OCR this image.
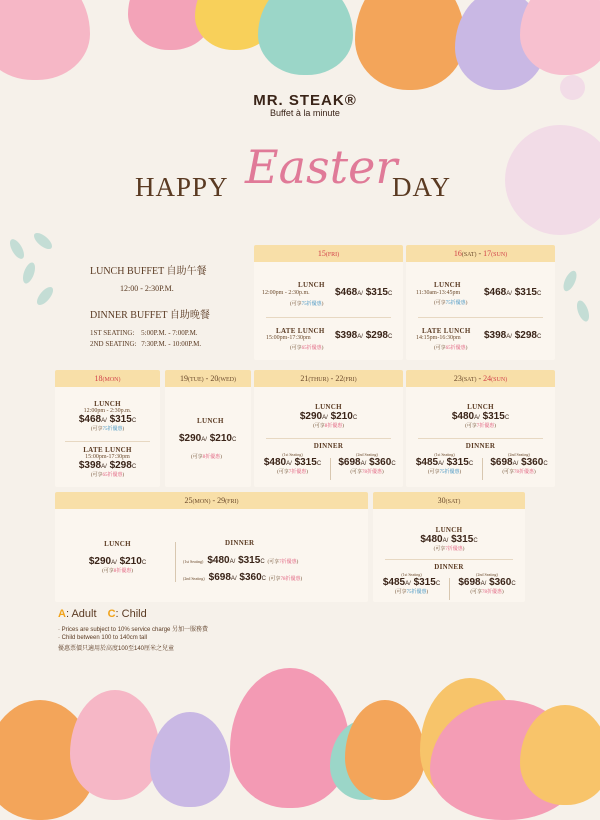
MR. STEAK®
Buffet à la minute
HAPPY Easter
DAY
LUNCH BUFFET 自助午餐
12:00 - 2:30P.M.
DINNER BUFFET 自助晚餐
1ST SEATING: 5:00P.M. - 7:00P.M.
2ND SEATING: 7:30P.M. - 10:00P.M.
15(FRI)
LUNCH
12:00pm - 2:30p.m.	$468A/ $315C
(可享75折優惠)
LATE LUNCH
15:00pm-17:30pm $398A/ $298C
(可享65折優惠)
16(SAT) - 17(SUN)
LUNCH
11:30am-13:45pm $468A/ $315C
(可享75折優惠)
LATE LUNCH
14:15pm-16:30pm $398A/ $298C
(可享65折優惠)
18(MON)
LUNCH
12:00pm - 2:30p.m.
$468A/ $315C
(可享75折優惠)
LATE LUNCH
15:00pm-17:30pm
$398A/ $298C
(可享65折優惠)
19(TUE) - 20(WED)
LUNCH
$290A/ $210C
(可享8折優惠)
21(THUR) - 22(FRI)
LUNCH
$290A/ $210C
(可享8折優惠)
DINNER
(1st Seating)
$480A/ $315C
(可享7折優惠)
(2nd Seating)
$698A/ $360C
(可享78折優惠)
23(SAT) - 24(SUN)
LUNCH
$480A/ $315C
(可享7折優惠)
DINNER
(1st Seating)
$485A/ $315C
(可享75折優惠)
(2nd Seating)
$698A/ $360C
(可享78折優惠)
25(MON) - 29(FRI)
LUNCH
$290A/ $210C
(可享8折優惠)
DINNER
(1st Seating) $480A/ $315C (可享7折優惠)
(2nd Seating) $698A/ $360C (可享78折優惠)
30(SAT)
LUNCH
$480A/ $315C
(可享7折優惠)
DINNER
(1st Seating)
$485A/ $315C
(可享75折優惠)
(2nd Seating)
$698A/ $360C
(可享78折優惠)
A: Adult C: Child
· Prices are subject to 10% service charge 另加一服務費
· Child between 100 to 140cm tall
優惠票價只適用於高度100至140厘米之兒童
